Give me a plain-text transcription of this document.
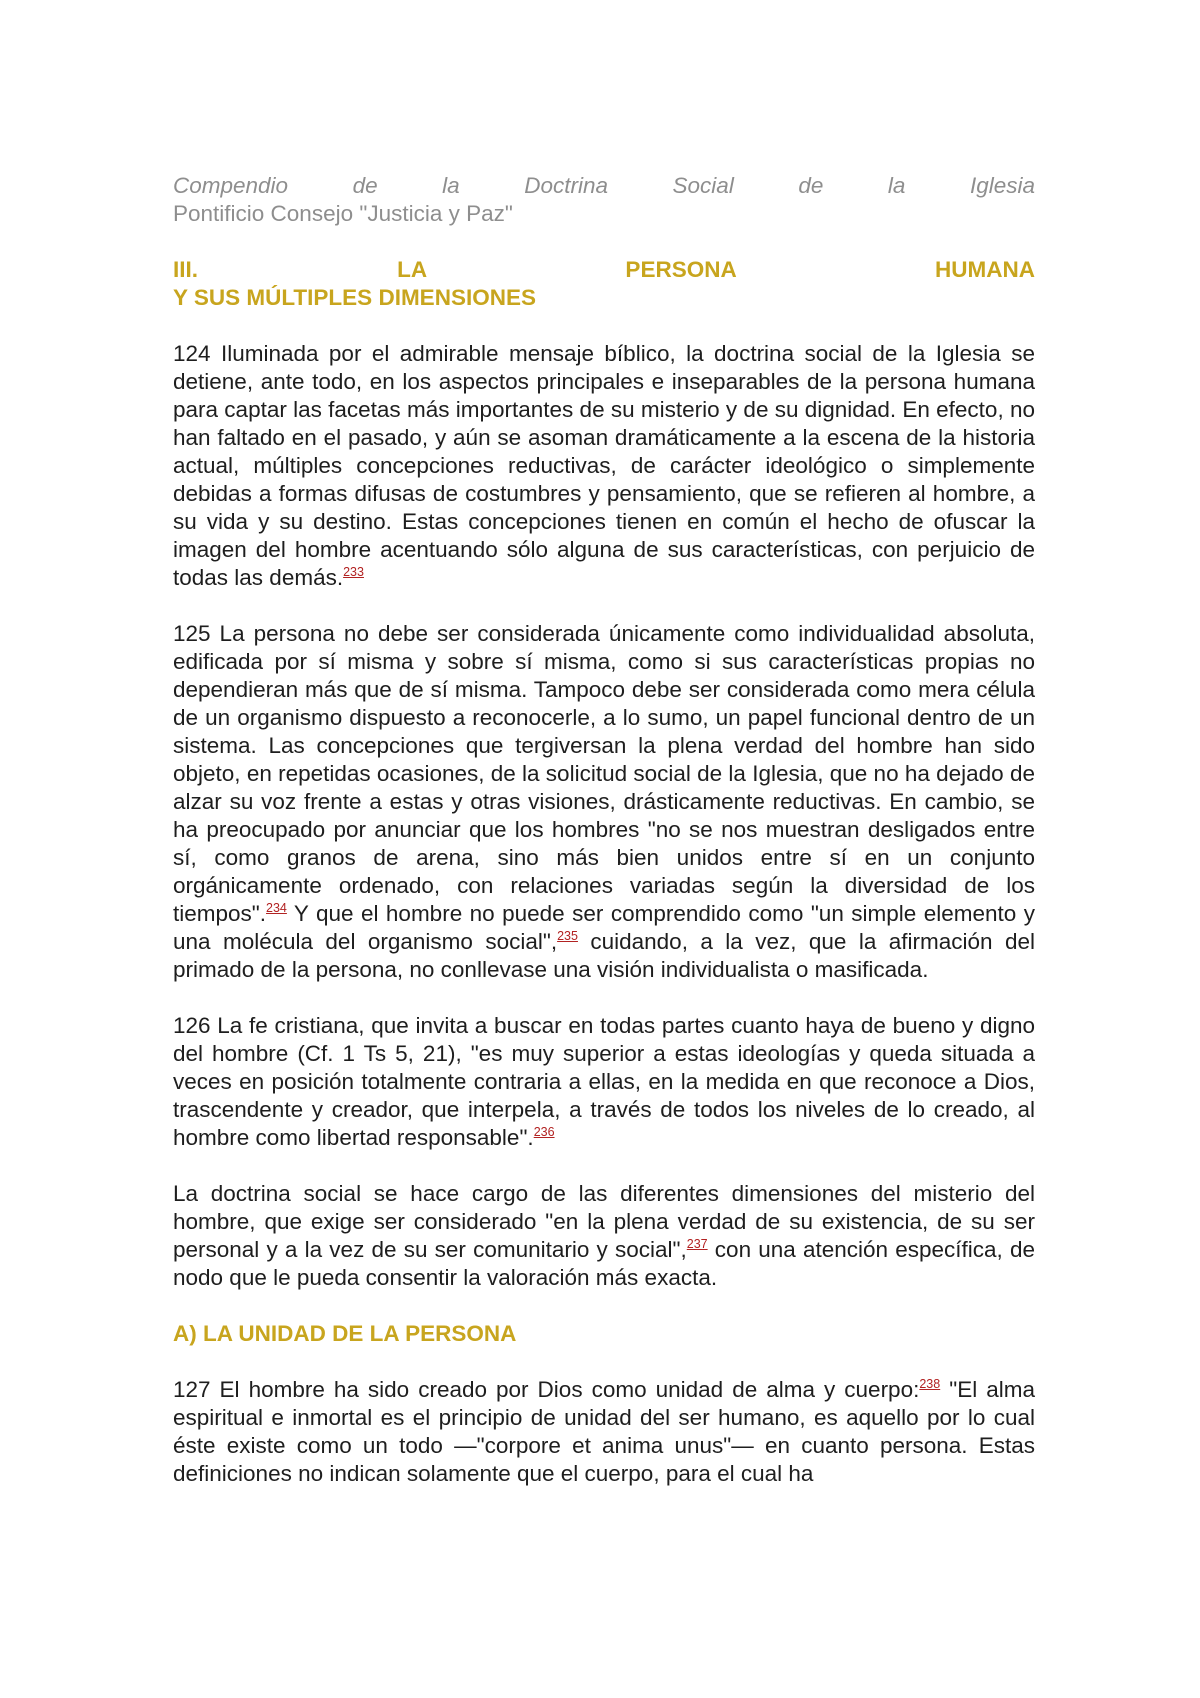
Compendio de la Doctrina Social de la Iglesia

Pontificio Consejo "Justicia y Paz"

III. LA PERSONA HUMANA
Y SUS MÚLTIPLES DIMENSIONES

124 Iluminada por el admirable mensaje bíblico, la doctrina social de la Iglesia se detiene, ante todo, en los aspectos principales e inseparables de la persona humana para captar las facetas más importantes de su misterio y de su dignidad. En efecto, no han faltado en el pasado, y aún se asoman dramáticamente a la escena de la historia actual, múltiples concepciones reductivas, de carácter ideológico o simplemente debidas a formas difusas de costumbres y pensamiento, que se refieren al hombre, a su vida y su destino. Estas concepciones tienen en común el hecho de ofuscar la imagen del hombre acentuando sólo alguna de sus características, con perjuicio de todas las demás.$^{233}$

125 La persona no debe ser considerada únicamente como individualidad absoluta, edificada por sí misma y sobre sí misma, como si sus características propias no dependieran más que de sí misma. Tampoco debe ser considerada como mera célula de un organismo dispuesto a reconocerle, a lo sumo, un papel funcional dentro de un sistema. Las concepciones que tergiversan la plena verdad del hombre han sido objeto, en repetidas ocasiones, de la solicitud social de la Iglesia, que no ha dejado de alzar su voz frente a estas y otras visiones, drásticamente reductivas. En cambio, se ha preocupado por anunciar que los hombres "no se nos muestran desligados entre sí, como granos de arena, sino más bien unidos entre sí en un conjunto orgánicamente ordenado, con relaciones variadas según la diversidad de los tiempos".$^{234}$ Y que el hombre no puede ser comprendido como "un simple elemento y una molécula del organismo social",$^{235}$ cuidando, a la vez, que la afirmación del primado de la persona, no conllevase una visión individualista o masificada.

126 La fe cristiana, que invita a buscar en todas partes cuanto haya de bueno y digno del hombre (Cf. 1 Ts 5, 21), "es muy superior a estas ideologías y queda situada a veces en posición totalmente contraria a ellas, en la medida en que reconoce a Dios, trascendente y creador, que interpela, a través de todos los niveles de lo creado, al hombre como libertad responsable".$^{236}$

La doctrina social se hace cargo de las diferentes dimensiones del misterio del hombre, que exige ser considerado "en la plena verdad de su existencia, de su ser personal y a la vez de su ser comunitario y social",$^{237}$ con una atención específica, de nodo que le pueda consentir la valoración más exacta.

A) LA UNIDAD DE LA PERSONA

127 El hombre ha sido creado por Dios como unidad de alma y cuerpo:$^{238}$ "El alma espiritual e inmortal es el principio de unidad del ser humano, es aquello por lo cual éste existe como un todo —"corpore et anima unus"— en cuanto persona. Estas definiciones no indican solamente que el cuerpo, para el cual ha
